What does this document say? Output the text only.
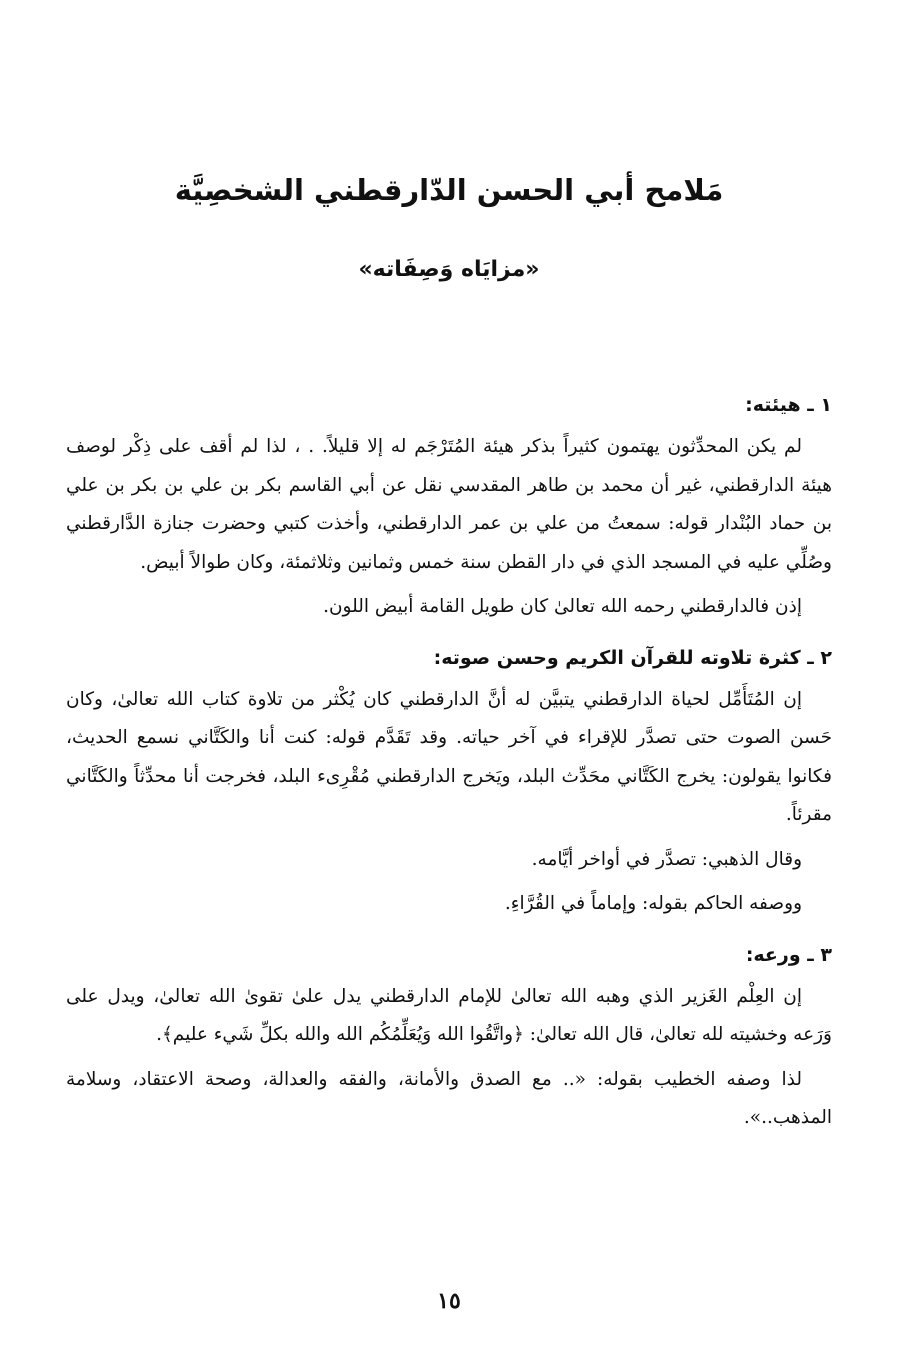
مَلامح أبي الحسن الدّارقطني الشخصِيَّة
«مزايَاه وَصِفَاته»
١ ـ هيئته:

لم يكن المحدِّثون يهتمون كثيراً بذكر هيئة المُتَرْجَم له إلا قليلاً. . ، لذا لم أقف على ذِكْر لوصف هيئة الدارقطني، غير أن محمد بن طاهر المقدسي نقل عن أبي القاسم بكر بن علي بن بكر بن علي بن حماد البُنْدار قوله: سمعتُ من علي بن عمر الدارقطني، وأخذت كتبي وحضرت جنازة الدَّارقطني وصُلِّي عليه في المسجد الذي في دار القطن سنة خمس وثمانين وثلاثمئة، وكان طوالاً أبيض.

إذن فالدارقطني رحمه الله تعالىٰ كان طويل القامة أبيض اللون.

٢ ـ كثرة تلاوته للقرآن الكريم وحسن صوته:

إن المُتَأَمِّل لحياة الدارقطني يتبيَّن له أنَّ الدارقطني كان يُكْثر من تلاوة كتاب الله تعالىٰ، وكان حَسن الصوت حتى تصدَّر للإقراء في آخر حياته. وقد تَقَدَّم قوله: كنت أنا والكَتَّاني نسمع الحديث، فكانوا يقولون: يخرج الكَتَّاني محَدِّث البلد، ويَخرج الدارقطني مُقْرِىء البلد، فخرجت أنا محدِّثاً والكَتَّاني مقرئاً.

وقال الذهبي: تصدَّر في أواخر أيَّامه.

ووصفه الحاكم بقوله: وإماماً في القُرَّاءِ.

٣ ـ ورعه:

إن العِلْم الغَزير الذي وهبه الله تعالىٰ للإمام الدارقطني يدل علىٰ تقوىٰ الله تعالىٰ، ويدل على وَرَعه وخشيته لله تعالىٰ، قال الله تعالىٰ: ﴿واتَّقُوا الله وَيُعَلِّمُكُم الله والله بكلِّ شَيء عليم﴾.

لذا وصفه الخطيب بقوله: «.. مع الصدق والأمانة، والفقه والعدالة، وصحة الاعتقاد، وسلامة المذهب..».

١٥
